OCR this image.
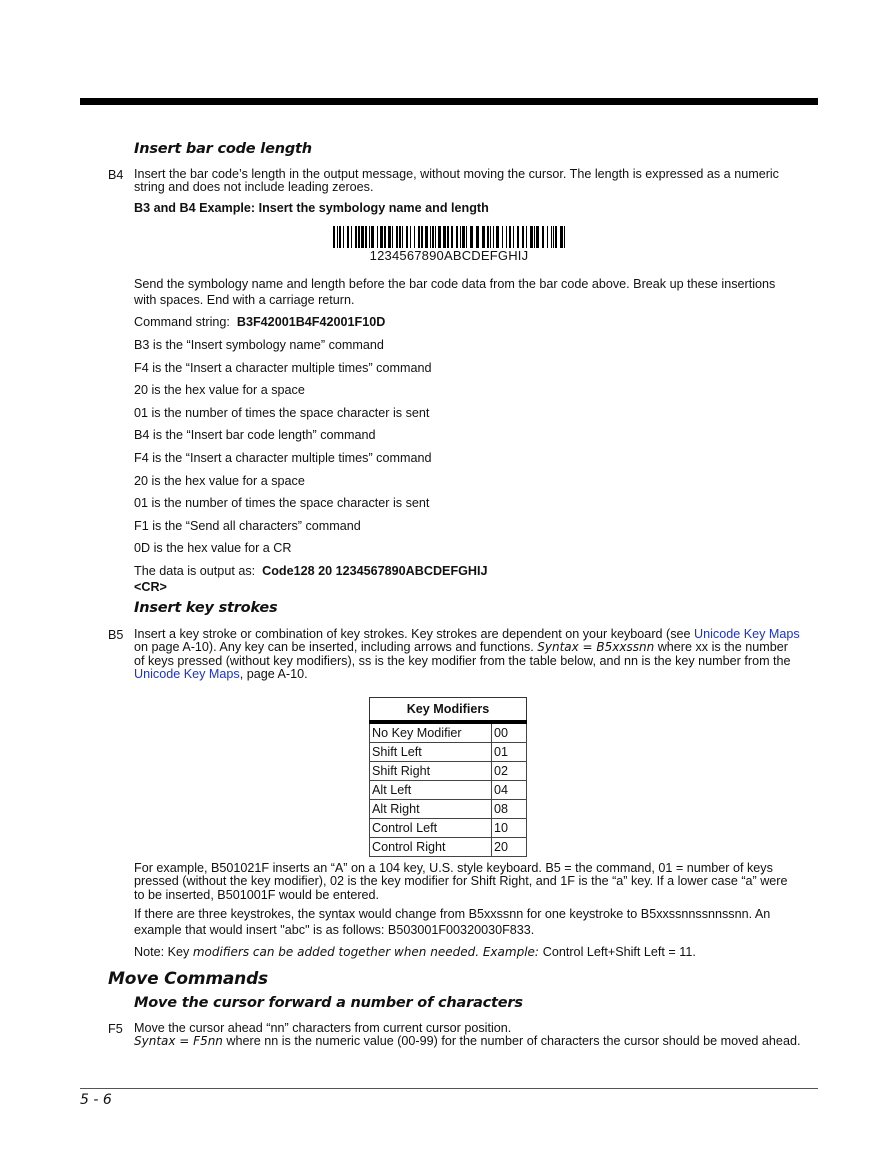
Insert bar code length
B4 Insert the bar code’s length in the output message, without moving the cursor. The length is expressed as a numeric
string and does not include leading zeroes.
B3 and B4 Example: Insert the symbology name and length
1234567890ABCDEFGHIJ
Send the symbology name and length before the bar code data from the bar code above. Break up these insertions
with spaces. End with a carriage return.
Command string: B3F42001B4F42001F10D
B3 is the “Insert symbology name” command
F4 is the “Insert a character multiple times” command
20 is the hex value for a space
01 is the number of times the space character is sent
B4 is the “Insert bar code length” command
F4 is the “Insert a character multiple times” command
20 is the hex value for a space
01 is the number of times the space character is sent
F1 is the “Send all characters” command
0D is the hex value for a CR
The data is output as: Code128 20 1234567890ABCDEFGHIJ
<CR>
Insert key strokes
B5 Insert a key stroke or combination of key strokes. Key strokes are dependent on your keyboard (see Unicode Key Maps
on page A-10). Any key can be inserted, including arrows and functions. Syntax = B5xxssnn where xx is the number
of keys pressed (without key modifiers), ss is the key modifier from the table below, and nn is the key number from the
Unicode Key Maps, page A-10.
Key Modifiers	
No Key Modifier	00
Shift Left	01
Shift Right	02
Alt Left	04
Alt Right	08
Control Left	10
Control Right	20
For example, B501021F inserts an “A” on a 104 key, U.S. style keyboard. B5 = the command, 01 = number of keys
pressed (without the key modifier), 02 is the key modifier for Shift Right, and 1F is the “a” key. If a lower case “a” were
to be inserted, B501001F would be entered.
If there are three keystrokes, the syntax would change from B5xxssnn for one keystroke to B5xxssnnssnnssnn. An
example that would insert "abc" is as follows: B503001F00320030F833.
Note: Key modifiers can be added together when needed. Example: Control Left+Shift Left = 11.
Move Commands
Move the cursor forward a number of characters
F5 Move the cursor ahead “nn” characters from current cursor position.
Syntax = F5nn where nn is the numeric value (00-99) for the number of characters the cursor should be moved ahead.
5 - 6
